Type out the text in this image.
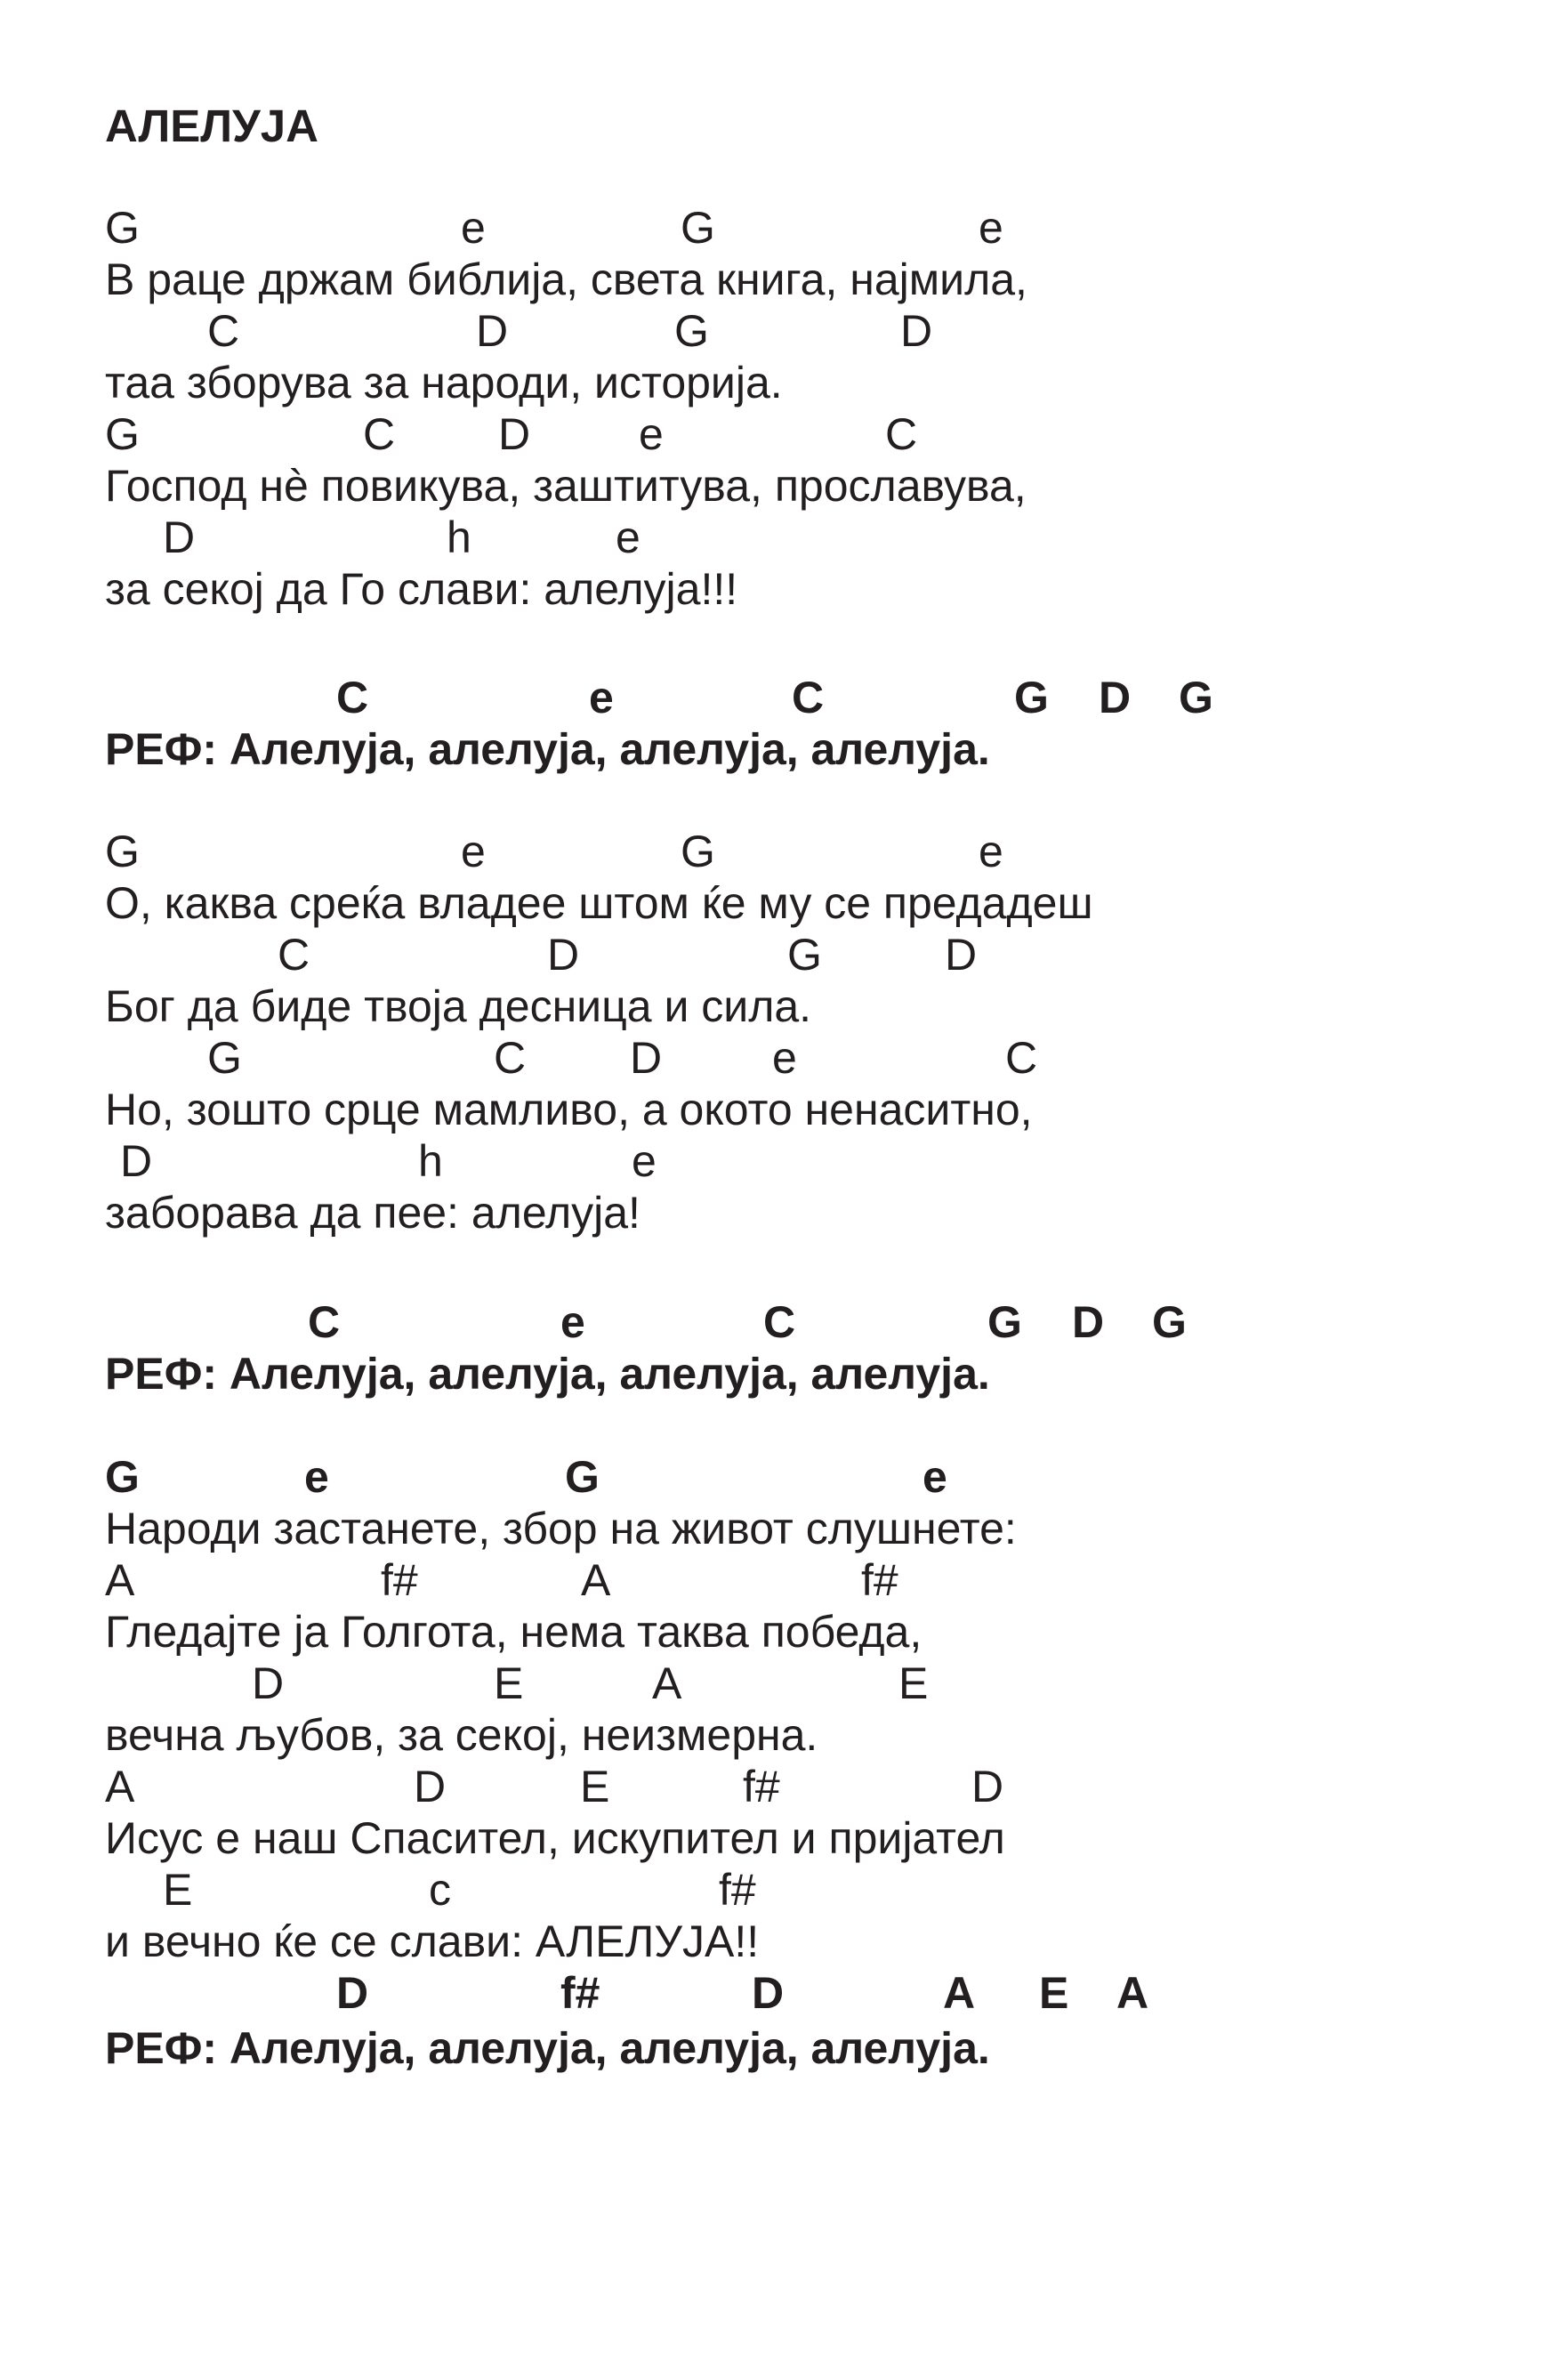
АЛЕЛУЈА

G

	e

	G

	e

В раце држам библија, света книга, најмила,

C

	D

	G

	D

таа зборува за народи, историја.

G

	C

D

e

	C

Господ нè повикува, заштитува, прославува,

D

	h

	e

за секој да Го слави: алелуја!!!

C

	e

	C

	G

D

G

РЕФ: Алелуја, алелуја, алелуја, алелуја.

G

	e

	G

	e

О, каква среќа владее штом ќе му се предадеш

C

	D

	G

	D

Бог да биде твоја десница и сила.

G

	C

D

e

	C

Но, зошто срце мамливо, а окото ненаситно,

D

	h

	e

заборава да пее: алелуја!

C

	e

	C

	G

D

G

РЕФ: Алелуја, алелуја, алелуја, алелуја.

G

	e

	G

	e

Народи застанете, збор на живот слушнете:

A

	f#

	A

	f#

Гледајте ја Голгота, нема таква победа,

D

	E

	A

	E

вечна љубов, за секој, неизмерна.

A

	D

	E

	f#

	D

Исус е наш Спасител, искупител и пријател

E

	c

	f#

и вечно ќе се слави: АЛЕЛУЈА!!

D

	f#

	D

	A

E

A

РЕФ: Алелуја, алелуја, алелуја, алелуја.
